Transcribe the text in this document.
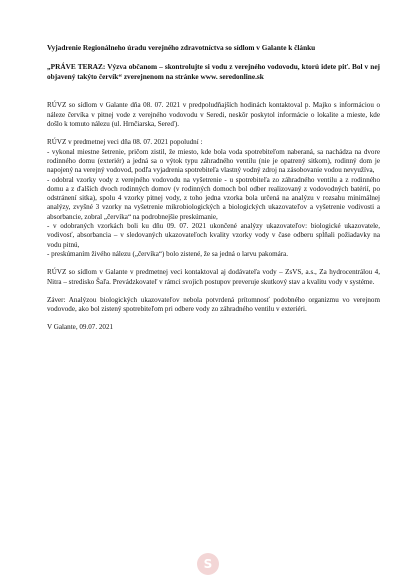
Vyjadrenie Regionálneho úradu verejného zdravotníctva so sídlom v Galante k článku

„PRÁVE TERAZ: Výzva občanom – skontrolujte si vodu z verejného vodovodu, ktorú idete piť. Bol v nej objavený takýto červík“ zverejnenom na stránke www. seredonline.sk

RÚVZ so sídlom v Galante dňa 08. 07. 2021 v predpoludňajších hodinách kontaktoval p. Majko s informáciou o náleze červíka v pitnej vode z verejného vodovodu v Seredi, neskôr poskytol informácie o lokalite a mieste, kde došlo k tomuto nálezu (ul. Hrnčiarska, Sereď).

RÚVZ v predmetnej veci dňa 08. 07. 2021 popoludní :

- vykonal miestne šetrenie, pričom zistil, že miesto, kde bola voda spotrebiteľom naberaná, sa nachádza na dvore rodinného domu (exteriér) a jedná sa o výtok typu záhradného ventilu (nie je opatrený sitkom), rodinný dom je napojený na verejný vodovod, podľa vyjadrenia spotrebiteľa vlastný vodný zdroj na zásobovanie vodou nevyužíva,

- odobral vzorky vody z verejného vodovodu na vyšetrenie - u spotrebiteľa zo záhradného ventilu a z rodinného domu a z ďalších dvoch rodinných domov (v rodinných domoch bol odber realizovaný z vodovodných batérií, po odstránení sitka), spolu 4 vzorky pitnej vody, z toho jedna vzorka bola určená na analýzu v rozsahu minimálnej analýzy, zvyšné 3 vzorky na vyšetrenie mikrobiologických a biologických ukazovateľov a vyšetrenie vodivosti a absorbancie, zobral „červíka“ na podrobnejšie preskúmanie,

- v odobraných vzorkách boli ku dňu 09. 07. 2021 ukončené analýzy ukazovateľov: biologické ukazovatele, vodivosť, absorbancia – v sledovaných ukazovateľoch kvality vzorky vody v čase odberu spĺňali požiadavky na vodu pitnú,

- preskúmaním živého nálezu („červíka“) bolo zistené, že sa jedná o larvu pakomára.

RÚVZ so sídlom v Galante v predmetnej veci kontaktoval aj dodávateľa vody – ZsVS, a.s., Za hydrocentrálou 4, Nitra – stredisko Šaľa. Prevádzkovateľ v rámci svojich postupov preveruje skutkový stav a kvalitu vody v systéme.

Záver: Analýzou biologických ukazovateľov nebola potvrdená prítomnosť podobného organizmu vo verejnom vodovode, ako bol zistený spotrebiteľom pri odbere vody zo záhradného ventilu v exteriéri.

V Galante, 09.07. 2021

S
